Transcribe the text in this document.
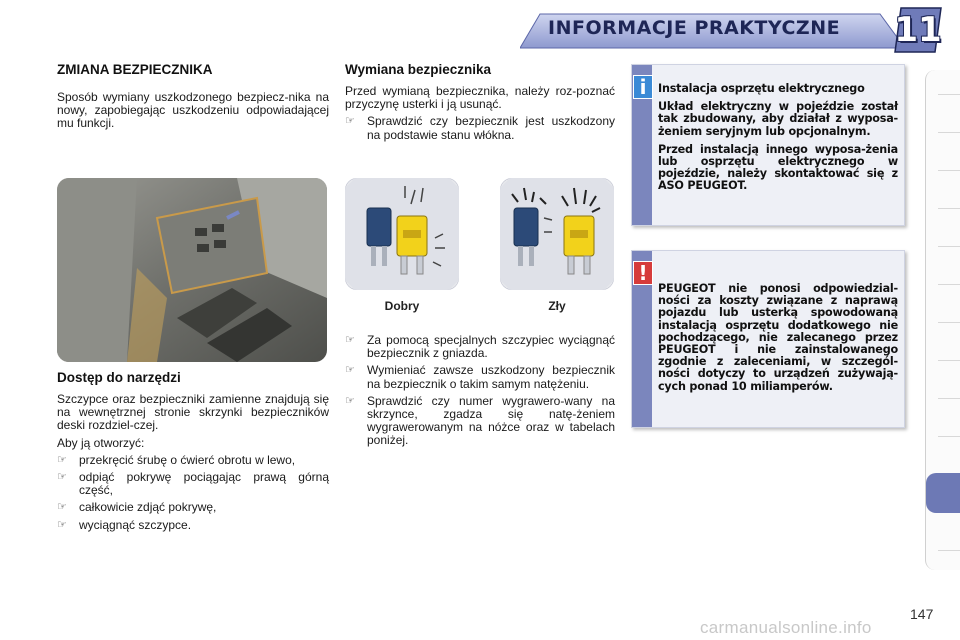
INFORMACJE PRAKTYCZNE 11
ZMIANA BEZPIECZNIKA

Sposób wymiany uszkodzonego bezpiecz-nika na nowy, zapobiegając uszkodzeniu odpowiadającej mu funkcji.

Dostęp do narzędzi

Szczypce oraz bezpieczniki zamienne znajdują się na wewnętrznej stronie skrzynki bezpieczników deski rozdziel-czej.

Aby ją otworzyć:

☞ przekręcić śrubę o ćwierć obrotu w lewo,
☞ odpiąć pokrywę pociągając prawą górną część,
☞ całkowicie zdjąć pokrywę,
☞ wyciągnąć szczypce.
Wymiana bezpiecznika

Przed wymianą bezpiecznika, należy roz-poznać przyczynę usterki i ją usunąć.

☞ Sprawdzić czy bezpiecznik jest uszkodzony na podstawie stanu włókna.
Dobry	Zły
☞ Za pomocą specjalnych szczypiec wyciągnąć bezpiecznik z gniazda.
☞ Wymieniać zawsze uszkodzony bezpiecznik na bezpiecznik o takim samym natężeniu.
☞ Sprawdzić czy numer wygrawero-wany na skrzynce, zgadza się natę-żeniem wygrawerowanym na nóżce oraz w tabelach poniżej.
i	Instalacja osprzętu elektrycznego

Układ elektryczny w pojeździe został tak zbudowany, aby działał z wyposa-żeniem seryjnym lub opcjonalnym.

Przed instalacją innego wyposa-żenia lub osprzętu elektrycznego w pojeździe, należy skontaktować się z ASO PEUGEOT.

!

PEUGEOT nie ponosi odpowiedzial-ności za koszty związane z naprawą pojazdu lub usterką spowodowaną instalacją osprzętu dodatkowego nie pochodzącego, nie zalecanego przez PEUGEOT i nie zainstalowanego zgodnie z zaleceniami, w szczegól-ności dotyczy to urządzeń zużywają-cych ponad 10 miliamperów.

147
carmanualsonline.info
